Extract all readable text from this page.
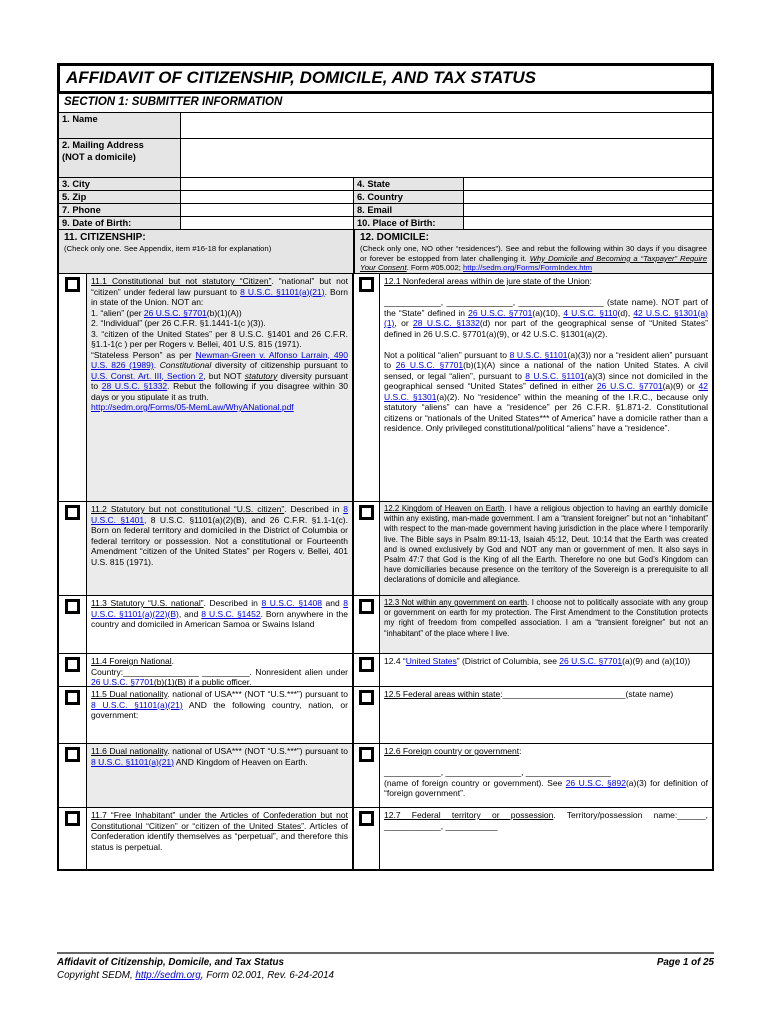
AFFIDAVIT OF CITIZENSHIP, DOMICILE, AND TAX STATUS
SECTION 1: SUBMITTER INFORMATION
1. Name
2. Mailing Address
(NOT a domicile)
3. City	4. State
5. Zip	6. Country
7. Phone	8. Email
9. Date of Birth:	10. Place of Birth:
11. CITIZENSHIP:
(Check only one. See Appendix, item #16-18 for explanation)
12. DOMICILE:
(Check only one, NO other “residences”). See and rebut the following within 30 days if you disagree or forever be estopped from later challenging it. Why Domicile and Becoming a “Taxpayer” Require Your Consent. Form #05.002; http://sedm.org/Forms/FormIndex.htm
11.1 Constitutional but not statutory “Citizen”. “national” but not “citizen” under federal law pursuant to 8 U.S.C. §1101(a)(21). Born in state of the Union. NOT an:
1. “alien” (per 26 U.S.C. §7701(b)(1)(A))
2. “Individual” (per 26 C.F.R. §1.1441-1(c )(3)).
3. “citizen of the United States” per 8 U.S.C. §1401 and 26 C.F.R. §1.1-1(c ) per per Rogers v. Bellei, 401 U.S. 815 (1971).
“Stateless Person” as per Newman-Green v. Alfonso Larrain, 490 U.S. 826 (1989). Constitutional diversity of citizenship pursuant to U.S. Const. Art. III, Section 2, but NOT statutory diversity pursuant to 28 U.S.C. §1332. Rebut the following if you disagree within 30 days or you stipulate it as truth.
http://sedm.org/Forms/05-MemLaw/WhyANational.pdf
12.1 Nonfederal areas within de jure state of the Union:

____________, ______________, __________________ (state name). NOT part of the “State” defined in 26 U.S.C. §7701(a)(10), 4 U.S.C. §110(d), 42 U.S.C. §1301(a)(1), or 28 U.S.C. §1332(d) nor part of the geographical sense of “United States” defined in 26 U.S.C. §7701(a)(9), or 42 U.S.C. §1301(a)(2).

Not a political “alien” pursuant to 8 U.S.C. §1101(a)(3)) nor a “resident alien” pursuant to 26 U.S.C. §7701(b)(1)(A) since a national of the nation United States. A civil sensed, or legal “alien”, pursuant to 8 U.S.C. §1101(a)(3) since not domiciled in the geographical sensed “United States” defined in either 26 U.S.C. §7701(a)(9) or 42 U.S.C. §1301(a)(2). No “residence” within the meaning of the I.R.C., because only statutory “aliens” can have a “residence” per 26 C.F.R. §1.871-2. Constitutional citizens or “nationals of the United States*** of America” have a domicile rather than a residence. Only privileged constitutional/political “aliens” have a “residence”.
11.2 Statutory but not constitutional “U.S. citizen”. Described in 8 U.S.C. §1401, 8 U.S.C. §1101(a)(2)(B), and 26 C.F.R. §1.1-1(c). Born on federal territory and domiciled in the District of Columbia or federal territory or possession. Not a constitutional or Fourteenth Amendment “citizen of the United States” per Rogers v. Bellei, 401 U.S. 815 (1971).
12.2 Kingdom of Heaven on Earth. I have a religious objection to having an earthly domicile within any existing, man-made government. I am a “transient foreigner” but not an “inhabitant” with respect to the man-made government having jurisdiction in the place where I temporarily live. The Bible says in Psalm 89:11-13, Isaiah 45:12, Deut. 10:14 that the Earth was created and is owned exclusively by God and NOT any man or government of men. It also says in Psalm 47:7 that God is the King of all the Earth. Therefore no one but God’s Kingdom can have domiciliaries because presence on the territory of the Sovereign is a prerequisite to all declarations of domicile and allegiance.
11.3 Statutory “U.S. national”. Described in 8 U.S.C. §1408 and 8 U.S.C. §1101(a)(22)(B), and 8 U.S.C. §1452. Born anywhere in the country and domiciled in American Samoa or Swains Island
12.3 Not within any government on earth. I choose not to politically associate with any group or government on earth for my protection. The First Amendment to the Constitution protects my right of freedom from compelled association. I am a “transient foreigner” but not an “inhabitant” of the place where I live.
11.4 Foreign National.
Country:________________ __________. Nonresident alien under 26 U.S.C. §7701(b)(1)(B) if a public officer.
12.4 “United States” (District of Columbia, see 26 U.S.C. §7701(a)(9) and (a)(10))
11.5 Dual nationality. national of USA*** (NOT “U.S.***”) pursuant to 8 U.S.C. §1101(a)(21) AND the following country, nation, or government:
12.5 Federal areas within state:__________________________(state name)
11.6 Dual nationality. national of USA*** (NOT “U.S.***”) pursuant to 8 U.S.C. §1101(a)(21) AND Kingdom of Heaven on Earth.
12.6 Foreign country or government:

____________, ________________, __________________
(name of foreign country or government). See 26 U.S.C. §892(a)(3) for definition of “foreign government”.
11.7 “Free Inhabitant” under the Articles of Confederation but not Constitutional “Citizen” or “citizen of the United States”. Articles of Confederation identify themselves as “perpetual”, and therefore this status is perpetual.
12.7 Federal territory or possession. Territory/possession name:______, ____________, ___________
Affidavit of Citizenship, Domicile, and Tax Status	Page 1 of 25
Copyright SEDM, http://sedm.org, Form 02.001, Rev. 6-24-2014
